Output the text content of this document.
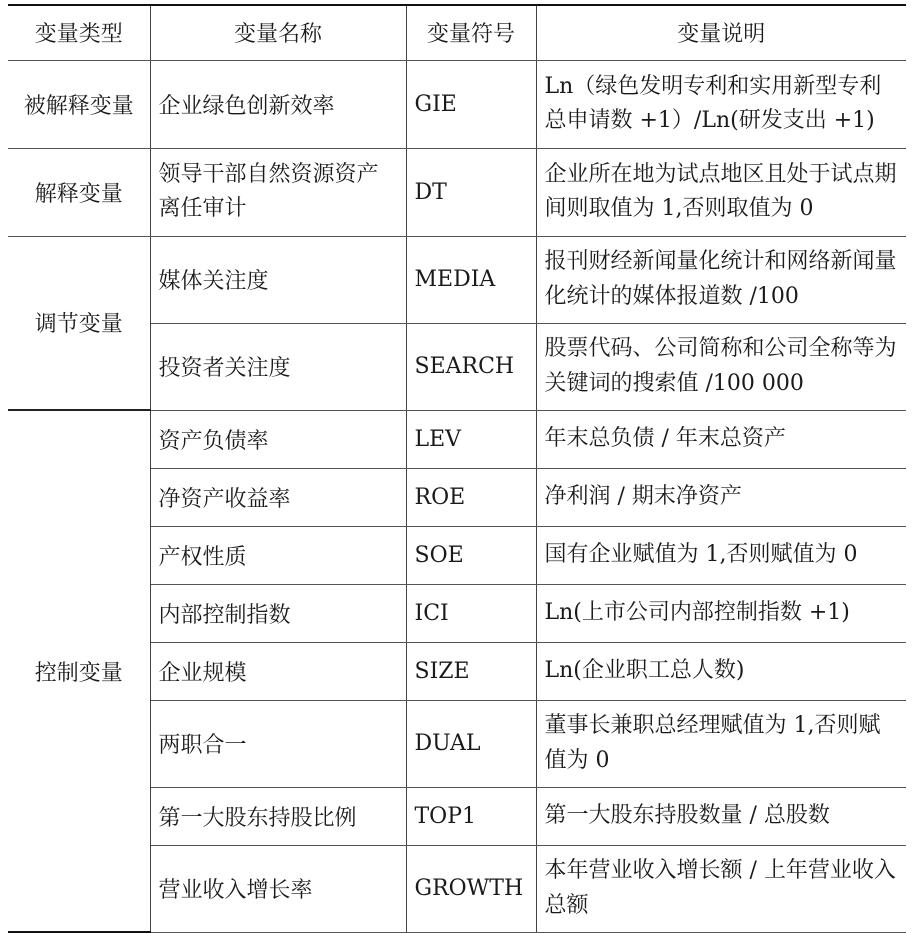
变量类型	变量名称	变量符号	变量说明
被解释变量	企业绿色创新效率	GIE	Ln（绿色发明专利和实用新型专利总申请数 +1）/Ln(研发支出 +1)
解释变量	领导干部自然资源资产离任审计	DT	企业所在地为试点地区且处于试点期间则取值为 1,否则取值为 0
调节变量	媒体关注度	MEDIA	报刊财经新闻量化统计和网络新闻量化统计的媒体报道数 /100
	投资者关注度	SEARCH	股票代码、公司简称和公司全称等为关键词的搜索值 /100 000
控制变量	资产负债率	LEV	年末总负债 / 年末总资产
	净资产收益率	ROE	净利润 / 期末净资产
	产权性质	SOE	国有企业赋值为 1,否则赋值为 0
	内部控制指数	ICI	Ln(上市公司内部控制指数 +1)
	企业规模	SIZE	Ln(企业职工总人数)
	两职合一	DUAL	董事长兼职总经理赋值为 1,否则赋值为 0
	第一大股东持股比例	TOP1	第一大股东持股数量 / 总股数
	营业收入增长率	GROWTH	本年营业收入增长额 / 上年营业收入总额
